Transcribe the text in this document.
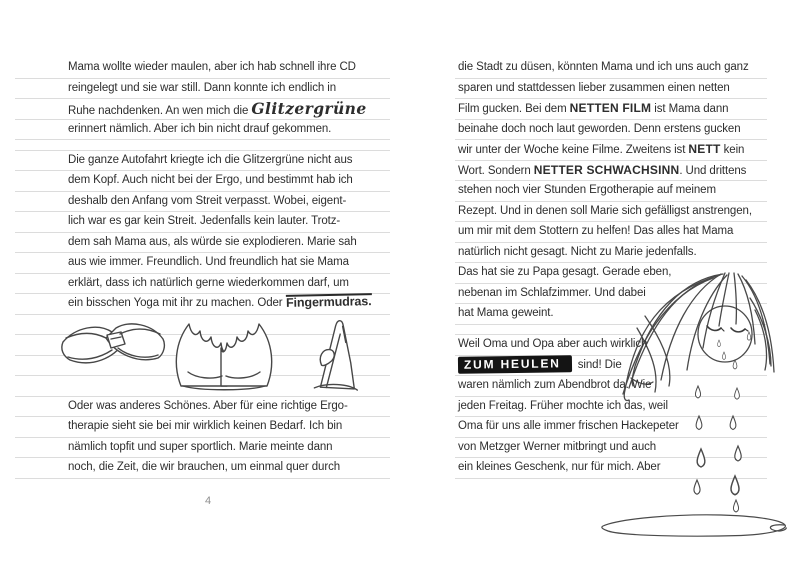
Mama wollte wieder maulen, aber ich hab schnell ihre CD
reingelegt und sie war still. Dann konnte ich endlich in
Ruhe nachdenken. An wen mich die Glitzergrüne
erinnert nämlich. Aber ich bin nicht drauf gekommen.
Die ganze Autofahrt kriegte ich die Glitzergrüne nicht aus
dem Kopf. Auch nicht bei der Ergo, und bestimmt hab ich
deshalb den Anfang vom Streit verpasst. Wobei, eigent-
lich war es gar kein Streit. Jedenfalls kein lauter. Trotz-
dem sah Mama aus, als würde sie explodieren. Marie sah
aus wie immer. Freundlich. Und freundlich hat sie Mama
erklärt, dass ich natürlich gerne wiederkommen darf, um
ein bisschen Yoga mit ihr zu machen. Oder Fingermudras.
Oder was anderes Schönes. Aber für eine richtige Ergo-
therapie sieht sie bei mir wirklich keinen Bedarf. Ich bin
nämlich topfit und super sportlich. Marie meinte dann
noch, die Zeit, die wir brauchen, um einmal quer durch
4
die Stadt zu düsen, könnten Mama und ich uns auch ganz
sparen und stattdessen lieber zusammen einen netten
Film gucken. Bei dem NETTEN FILM ist Mama dann
beinahe doch noch laut geworden. Denn erstens gucken
wir unter der Woche keine Filme. Zweitens ist NETT kein
Wort. Sondern NETTER SCHWACHSINN. Und drittens
stehen noch vier Stunden Ergotherapie auf meinem
Rezept. Und in denen soll Marie sich gefälligst anstrengen,
um mir mit dem Stottern zu helfen! Das alles hat Mama
natürlich nicht gesagt. Nicht zu Marie jedenfalls.
Das hat sie zu Papa gesagt. Gerade eben,
nebenan im Schlafzimmer. Und dabei
hat Mama geweint.
Weil Oma und Opa aber auch wirklich
ZUM HEULEN sind! Die
waren nämlich zum Abendbrot da. Wie
jeden Freitag. Früher mochte ich das, weil
Oma für uns alle immer frischen Hackepeter
von Metzger Werner mitbringt und auch
ein kleines Geschenk, nur für mich. Aber
